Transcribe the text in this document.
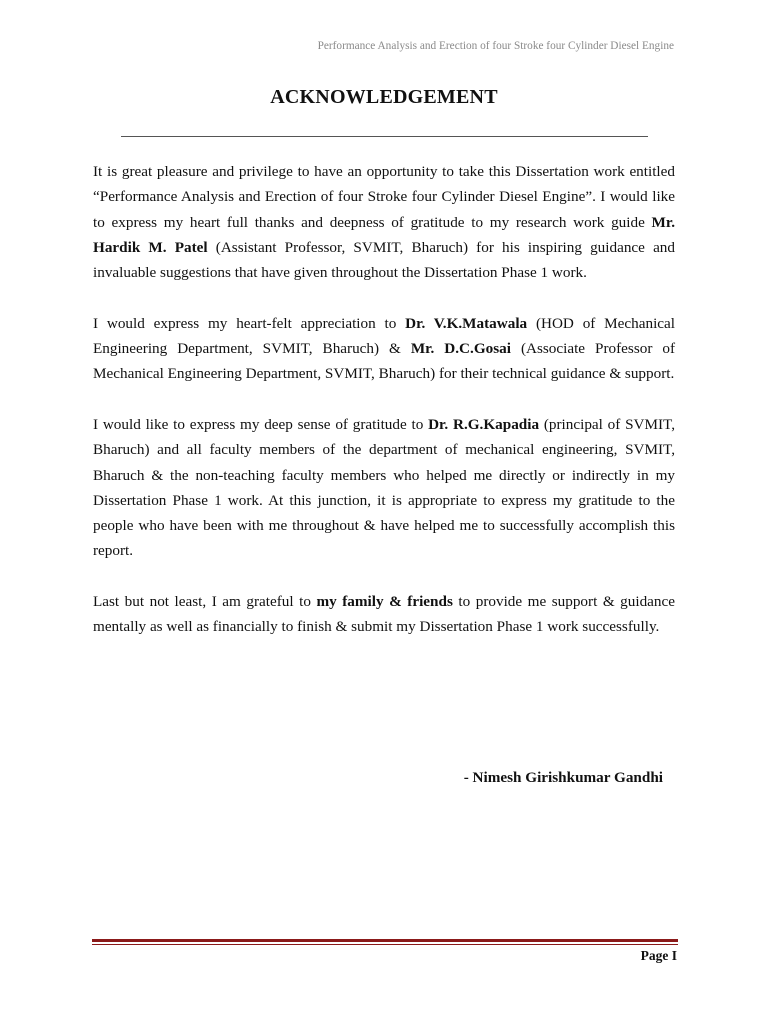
Performance Analysis and Erection of four Stroke four Cylinder Diesel Engine
ACKNOWLEDGEMENT

It is great pleasure and privilege to have an opportunity to take this Dissertation work entitled “Performance Analysis and Erection of four Stroke four Cylinder Diesel Engine”. I would like to express my heart full thanks and deepness of gratitude to my research work guide Mr. Hardik M. Patel (Assistant Professor, SVMIT, Bharuch) for his inspiring guidance and invaluable suggestions that have given throughout the Dissertation Phase 1 work.

I would express my heart-felt appreciation to Dr. V.K.Matawala (HOD of Mechanical Engineering Department, SVMIT, Bharuch) & Mr. D.C.Gosai (Associate Professor of Mechanical Engineering Department, SVMIT, Bharuch) for their technical guidance & support.

I would like to express my deep sense of gratitude to Dr. R.G.Kapadia (principal of SVMIT, Bharuch) and all faculty members of the department of mechanical engineering, SVMIT, Bharuch & the non-teaching faculty members who helped me directly or indirectly in my Dissertation Phase 1 work. At this junction, it is appropriate to express my gratitude to the people who have been with me throughout & have helped me to successfully accomplish this report.

Last but not least, I am grateful to my family & friends to provide me support & guidance mentally as well as financially to finish & submit my Dissertation Phase 1 work successfully.

- Nimesh Girishkumar Gandhi
Page I
